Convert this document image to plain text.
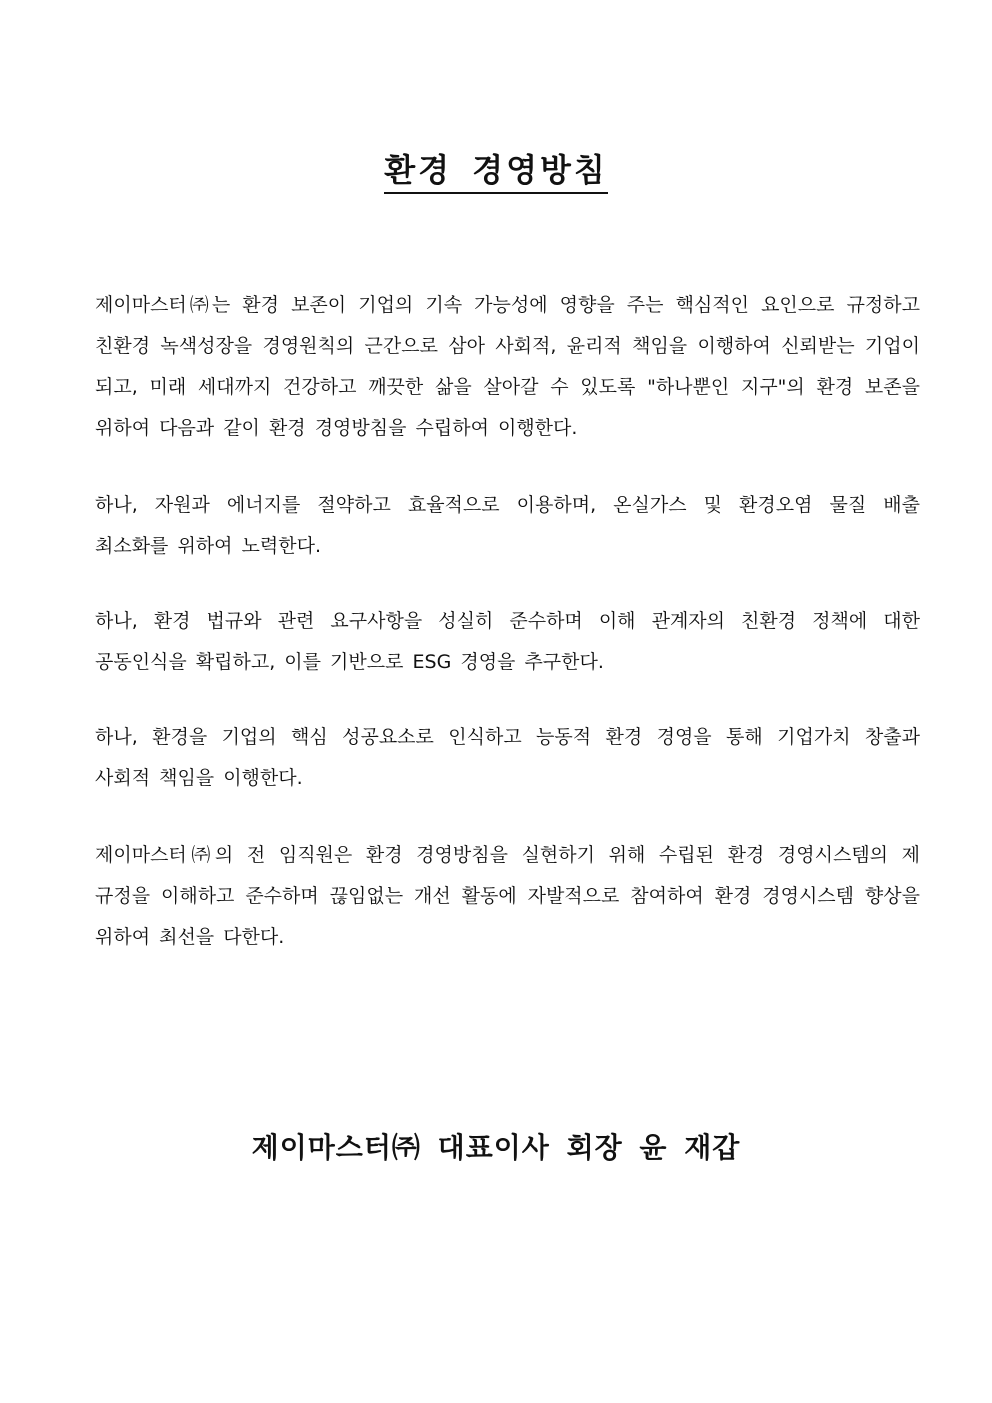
환경 경영방침

제이마스터㈜는 환경 보존이 기업의 기속 가능성에 영향을 주는 핵심적인 요인으로 규정하고 친환경 녹색성장을 경영원칙의 근간으로 삼아 사회적, 윤리적 책임을 이행하여 신뢰받는 기업이 되고, 미래 세대까지 건강하고 깨끗한 삶을 살아갈 수 있도록 "하나뿐인 지구"의 환경 보존을 위하여 다음과 같이 환경 경영방침을 수립하여 이행한다.

하나, 자원과 에너지를 절약하고 효율적으로 이용하며, 온실가스 및 환경오염 물질 배출 최소화를 위하여 노력한다.

하나, 환경 법규와 관련 요구사항을 성실히 준수하며 이해 관계자의 친환경 정책에 대한 공동인식을 확립하고, 이를 기반으로 ESG 경영을 추구한다.

하나, 환경을 기업의 핵심 성공요소로 인식하고 능동적 환경 경영을 통해 기업가치 창출과 사회적 책임을 이행한다.

제이마스터㈜의 전 임직원은 환경 경영방침을 실현하기 위해 수립된 환경 경영시스템의 제 규정을 이해하고 준수하며 끊임없는 개선 활동에 자발적으로 참여하여 환경 경영시스템 향상을 위하여 최선을 다한다.

제이마스터㈜ 대표이사 회장 윤 재갑
